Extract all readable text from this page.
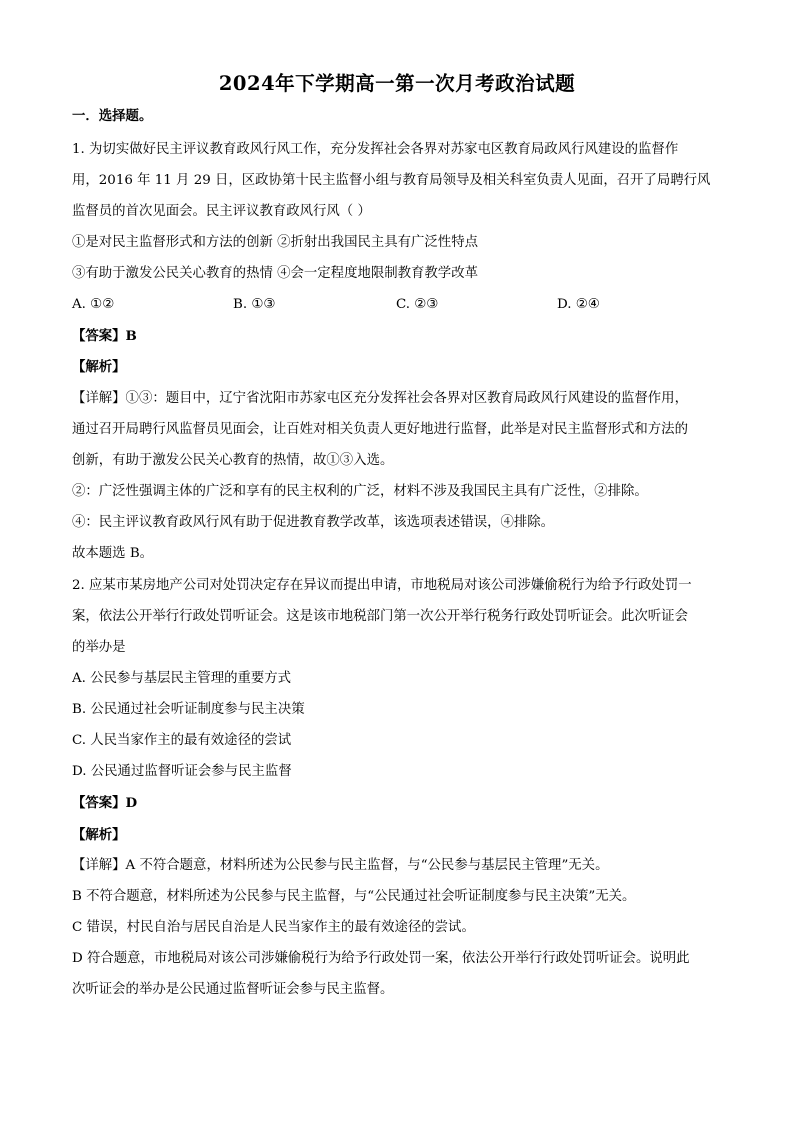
2024年下学期高一第一次月考政治试题
一．选择题。
1. 为切实做好民主评议教育政风行风工作，充分发挥社会各界对苏家屯区教育局政风行风建设的监督作
用，2016 年 11 月 29 日，区政协第十民主监督小组与教育局领导及相关科室负责人见面，召开了局聘行风
监督员的首次见面会。民主评议教育政风行风（ ）
①是对民主监督形式和方法的创新 ②折射出我国民主具有广泛性特点
③有助于激发公民关心教育的热情 ④会一定程度地限制教育教学改革
A. ①②	B. ①③	C. ②③	D. ②④
【答案】B
【解析】
【详解】①③：题目中，辽宁省沈阳市苏家屯区充分发挥社会各界对区教育局政风行风建设的监督作用，
通过召开局聘行风监督员见面会，让百姓对相关负责人更好地进行监督，此举是对民主监督形式和方法的
创新，有助于激发公民关心教育的热情，故①③入选。
②：广泛性强调主体的广泛和享有的民主权利的广泛，材料不涉及我国民主具有广泛性，②排除。
④：民主评议教育政风行风有助于促进教育教学改革，该选项表述错误，④排除。
故本题选 B。
2. 应某市某房地产公司对处罚决定存在异议而提出申请，市地税局对该公司涉嫌偷税行为给予行政处罚一
案，依法公开举行行政处罚听证会。这是该市地税部门第一次公开举行税务行政处罚听证会。此次听证会
的举办是
A. 公民参与基层民主管理的重要方式
B. 公民通过社会听证制度参与民主决策
C. 人民当家作主的最有效途径的尝试
D. 公民通过监督听证会参与民主监督
【答案】D
【解析】
【详解】A 不符合题意，材料所述为公民参与民主监督，与“公民参与基层民主管理”无关。
B 不符合题意，材料所述为公民参与民主监督，与“公民通过社会听证制度参与民主决策”无关。
C 错误，村民自治与居民自治是人民当家作主的最有效途径的尝试。
D 符合题意，市地税局对该公司涉嫌偷税行为给予行政处罚一案，依法公开举行行政处罚听证会。说明此
次听证会的举办是公民通过监督听证会参与民主监督。
